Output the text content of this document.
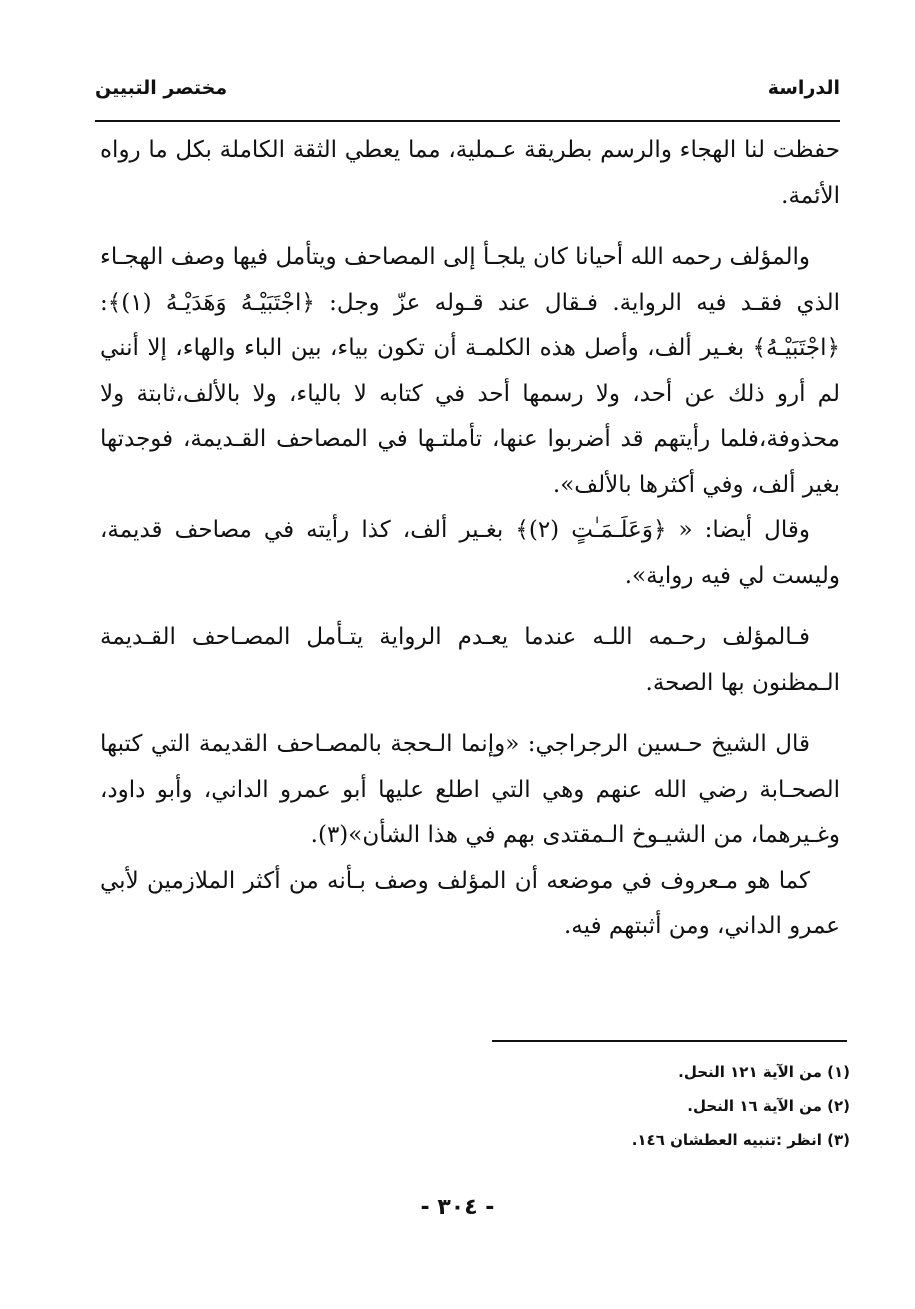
الدراسة
مختصر التبيين

حفظت لنا الهجاء والرسم بطريقة عـملية، مما يعطي الثقة الكاملة بكل ما رواه الأئمة.

والمؤلف رحمه الله أحيانا كان يلجـأ إلى المصاحف ويتأمل فيها وصف الهجـاء الذي فقـد فيه الرواية. فـقال عند قـوله عزّ وجل: ﴿اجْتَبَيْـهُ وَهَدَيْـهُ (١)﴾: ﴿اجْتَبَيْـهُ﴾ بغـير ألف، وأصل هذه الكلمـة أن تكون بياء، بين الباء والهاء، إلا أنني لم أرو ذلك عن أحد، ولا رسمها أحد في كتابه لا بالياء، ولا بالألف،ثابتة ولا محذوفة،فلما رأيتهم قد أضربوا عنها، تأملتـها في المصاحف القـديمة، فوجدتها بغير ألف، وفي أكثرها بالألف».

وقال أيضا: « ﴿وَعَلَـمَـٰتٍ (٢)﴾ بغـير ألف، كذا رأيته في مصاحف قديمة، وليست لي فيه رواية».

فـالمؤلف رحـمه اللـه عندما يعـدم الرواية يتـأمل المصـاحف القـديمة الـمظنون بها الصحة.

قال الشيخ حـسين الرجراجي: «وإنما الـحجة بالمصـاحف القديمة التي كتبها الصحـابة رضي الله عنهم وهي التي اطلع عليها أبو عمرو الداني، وأبو داود، وغـيرهما، من الشيـوخ الـمقتدى بهم في هذا الشأن»(٣).

كما هو مـعروف في موضعه أن المؤلف وصف بـأنه من أكثر الملازمين لأبي عمرو الداني، ومن أثبتهم فيه.

(١) من الآية ١٢١ النحل.
(٢) من الآية ١٦ النحل.
(٣) انظر :تنبيه العطشان ١٤٦.
- ٣٠٤ -
